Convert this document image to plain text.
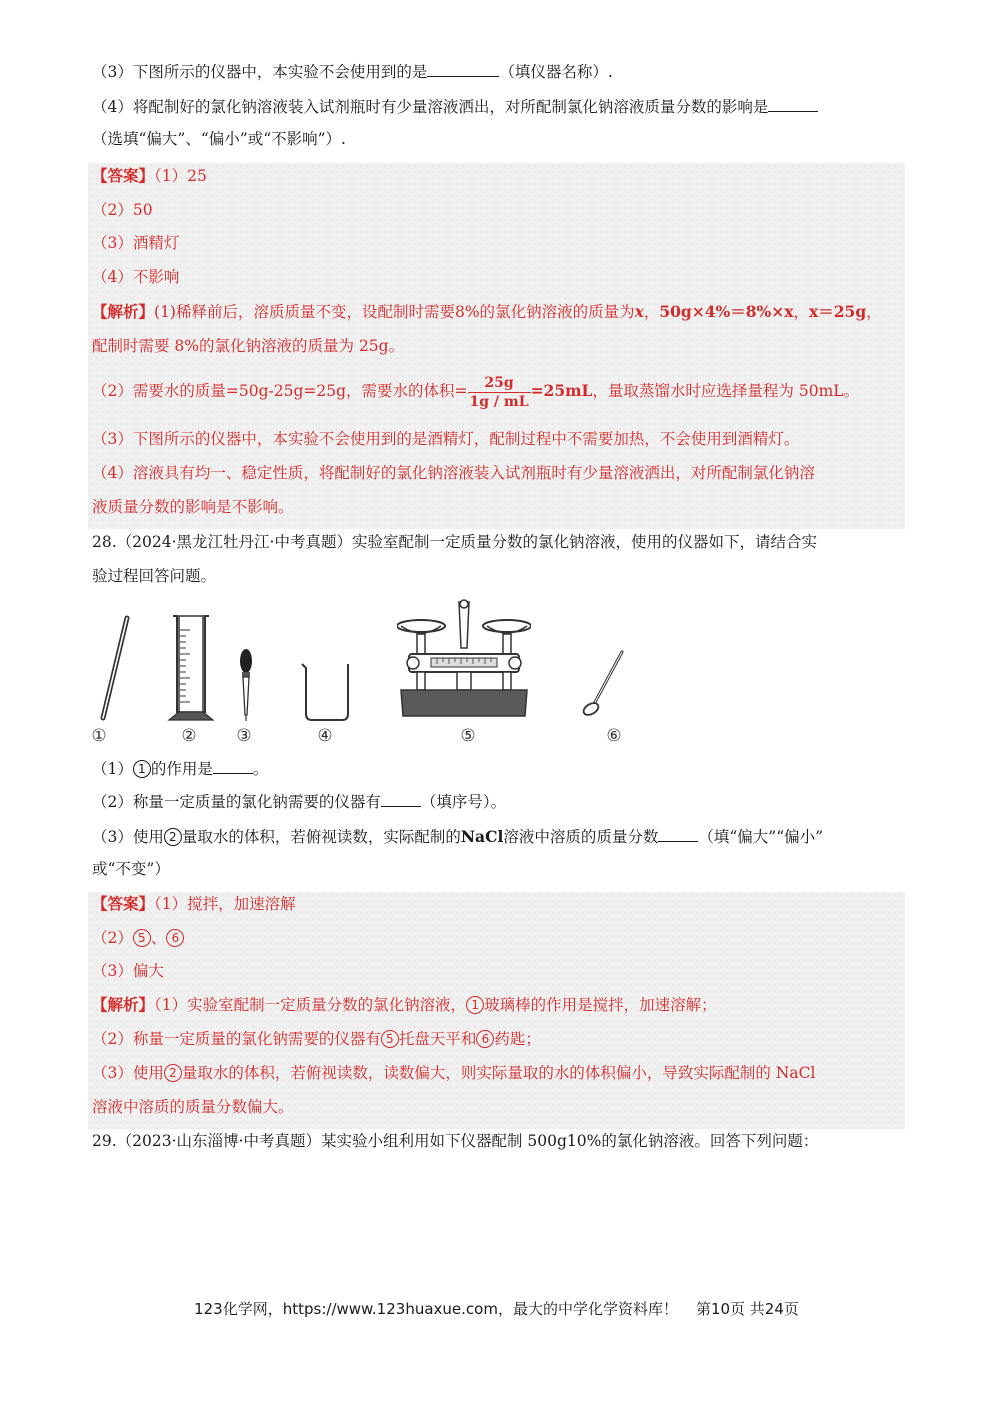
（3）下图所示的仪器中，本实验不会使用到的是	（填仪器名称）.
（4）将配制好的氯化钠溶液装入试剂瓶时有少量溶液洒出，对所配制氯化钠溶液质量分数的影响是
（选填“偏大”、“偏小”或“不影响”）.
【答案】（1）25
（2）50
（3）酒精灯
（4）不影响
【解析】(1)稀释前后，溶质质量不变，设配制时需要8%的氯化钠溶液的质量为x，50g×4%＝8%×x，x＝25g，
配制时需要 8%的氯化钠溶液的质量为 25g。
（2）需要水的质量=50g-25g=25g，需要水的体积= $\frac{25g}{1g / mL} =25mL$，量取蒸馏水时应选择量程为 50mL。
（3）下图所示的仪器中，本实验不会使用到的是酒精灯，配制过程中不需要加热，不会使用到酒精灯。
（4）溶液具有均一、稳定性质，将配制好的氯化钠溶液装入试剂瓶时有少量溶液洒出，对所配制氯化钠溶
液质量分数的影响是不影响。
28.（2024·黑龙江牡丹江·中考真题）实验室配制一定质量分数的氯化钠溶液，使用的仪器如下，请结合实
验过程回答问题。
①	② ③	④	⑤	⑥
（1） 1 的作用是	。
（2）称量一定质量的氯化钠需要的仪器有	（填序号）。
（3）使用 2 量取水的体积，若俯视读数，实际配制的NaCl溶液中溶质的质量分数	（填“偏大”“偏小”
或“不变”）
【答案】（1）搅拌，加速溶解
（2） 5 、 6
（3）偏大
【解析】（1）实验室配制一定质量分数的氯化钠溶液， 1 玻璃棒的作用是搅拌，加速溶解；
（2）称量一定质量的氯化钠需要的仪器有 5 托盘天平和 6 药匙；
（3）使用 2 量取水的体积，若俯视读数，读数偏大，则实际量取的水的体积偏小，导致实际配制的 NaCl
溶液中溶质的质量分数偏大。
29.（2023·山东淄博·中考真题）某实验小组利用如下仪器配制 500g10%的氯化钠溶液。回答下列问题：
123化学网，https://www.123huaxue.com，最大的中学化学资料库！ 第10页 共24页
